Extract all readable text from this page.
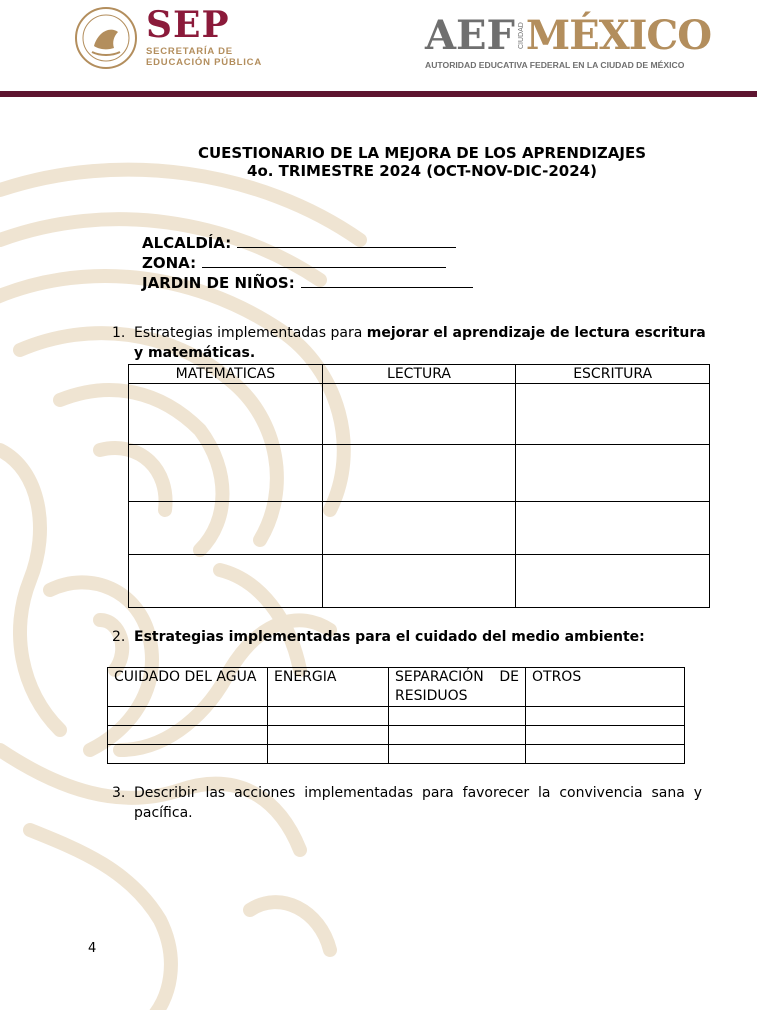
SEP
SECRETARÍA DE
EDUCACIÓN PÚBLICA
AEF CIUDAD MÉXICO
AUTORIDAD EDUCATIVA FEDERAL EN LA CIUDAD DE MÉXICO
CUESTIONARIO DE LA MEJORA DE LOS APRENDIZAJES
4o. TRIMESTRE 2024 (OCT-NOV-DIC-2024)
ALCALDÍA:
ZONA:
JARDIN DE NIÑOS:
1. Estrategias implementadas para mejorar el aprendizaje de lectura escritura y matemáticas.
MATEMATICAS	LECTURA	ESCRITURA

2. Estrategias implementadas para el cuidado del medio ambiente:
CUIDADO DEL AGUA	ENERGIA	SEPARACIÓN DE RESIDUOS	OTROS

3. Describir las acciones implementadas para favorecer la convivencia sana y pacífica.
4
